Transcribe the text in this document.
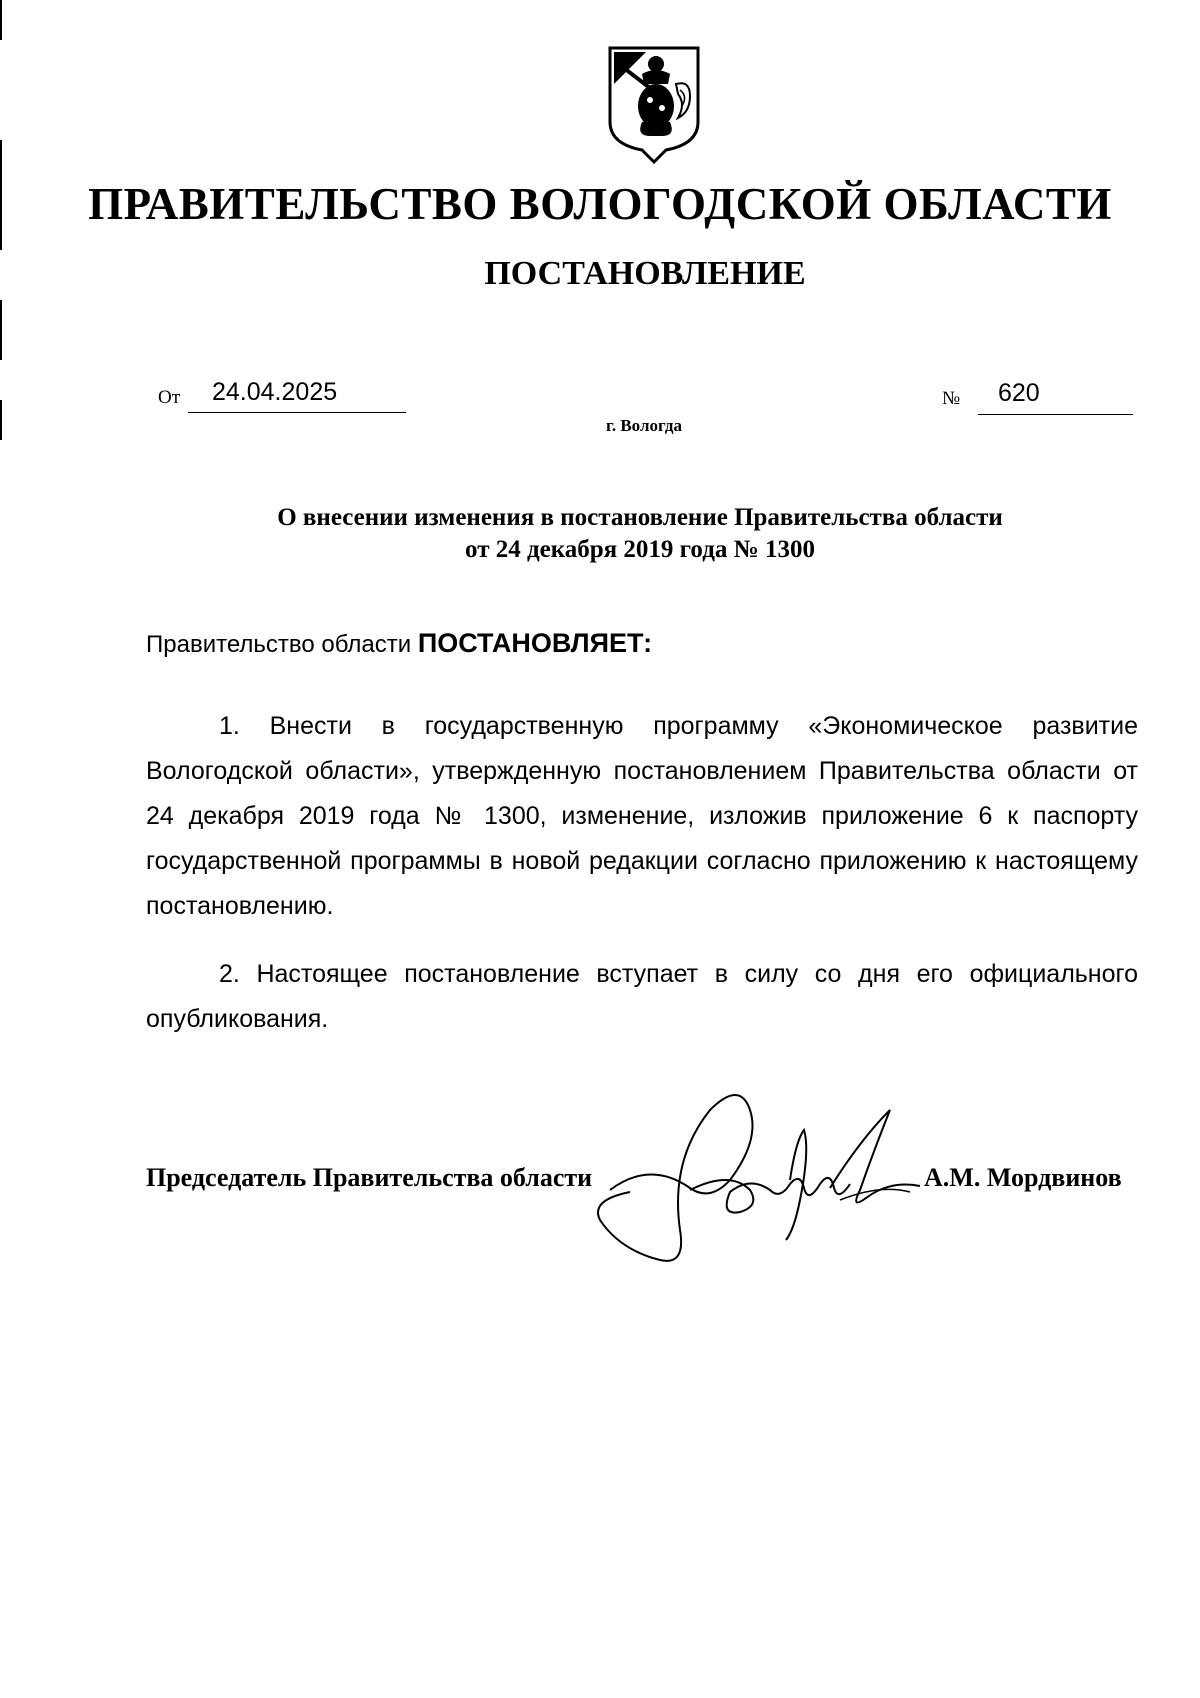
ПРАВИТЕЛЬСТВО ВОЛОГОДСКОЙ ОБЛАСТИ
ПОСТАНОВЛЕНИЕ
От	24.04.2025	№	620
г. Вологда
О внесении изменения в постановление Правительства области
от 24 декабря 2019 года № 1300
Правительство области ПОСТАНОВЛЯЕТ:
1. Внести в государственную программу «Экономическое развитие Вологодской области», утвержденную постановлением Правительства области от 24 декабря 2019 года № 1300, изменение, изложив приложение 6 к паспорту государственной программы в новой редакции согласно приложению к настоящему постановлению.
2. Настоящее постановление вступает в силу со дня его официального опубликования.
Председатель Правительства области	А.М. Мордвинов
